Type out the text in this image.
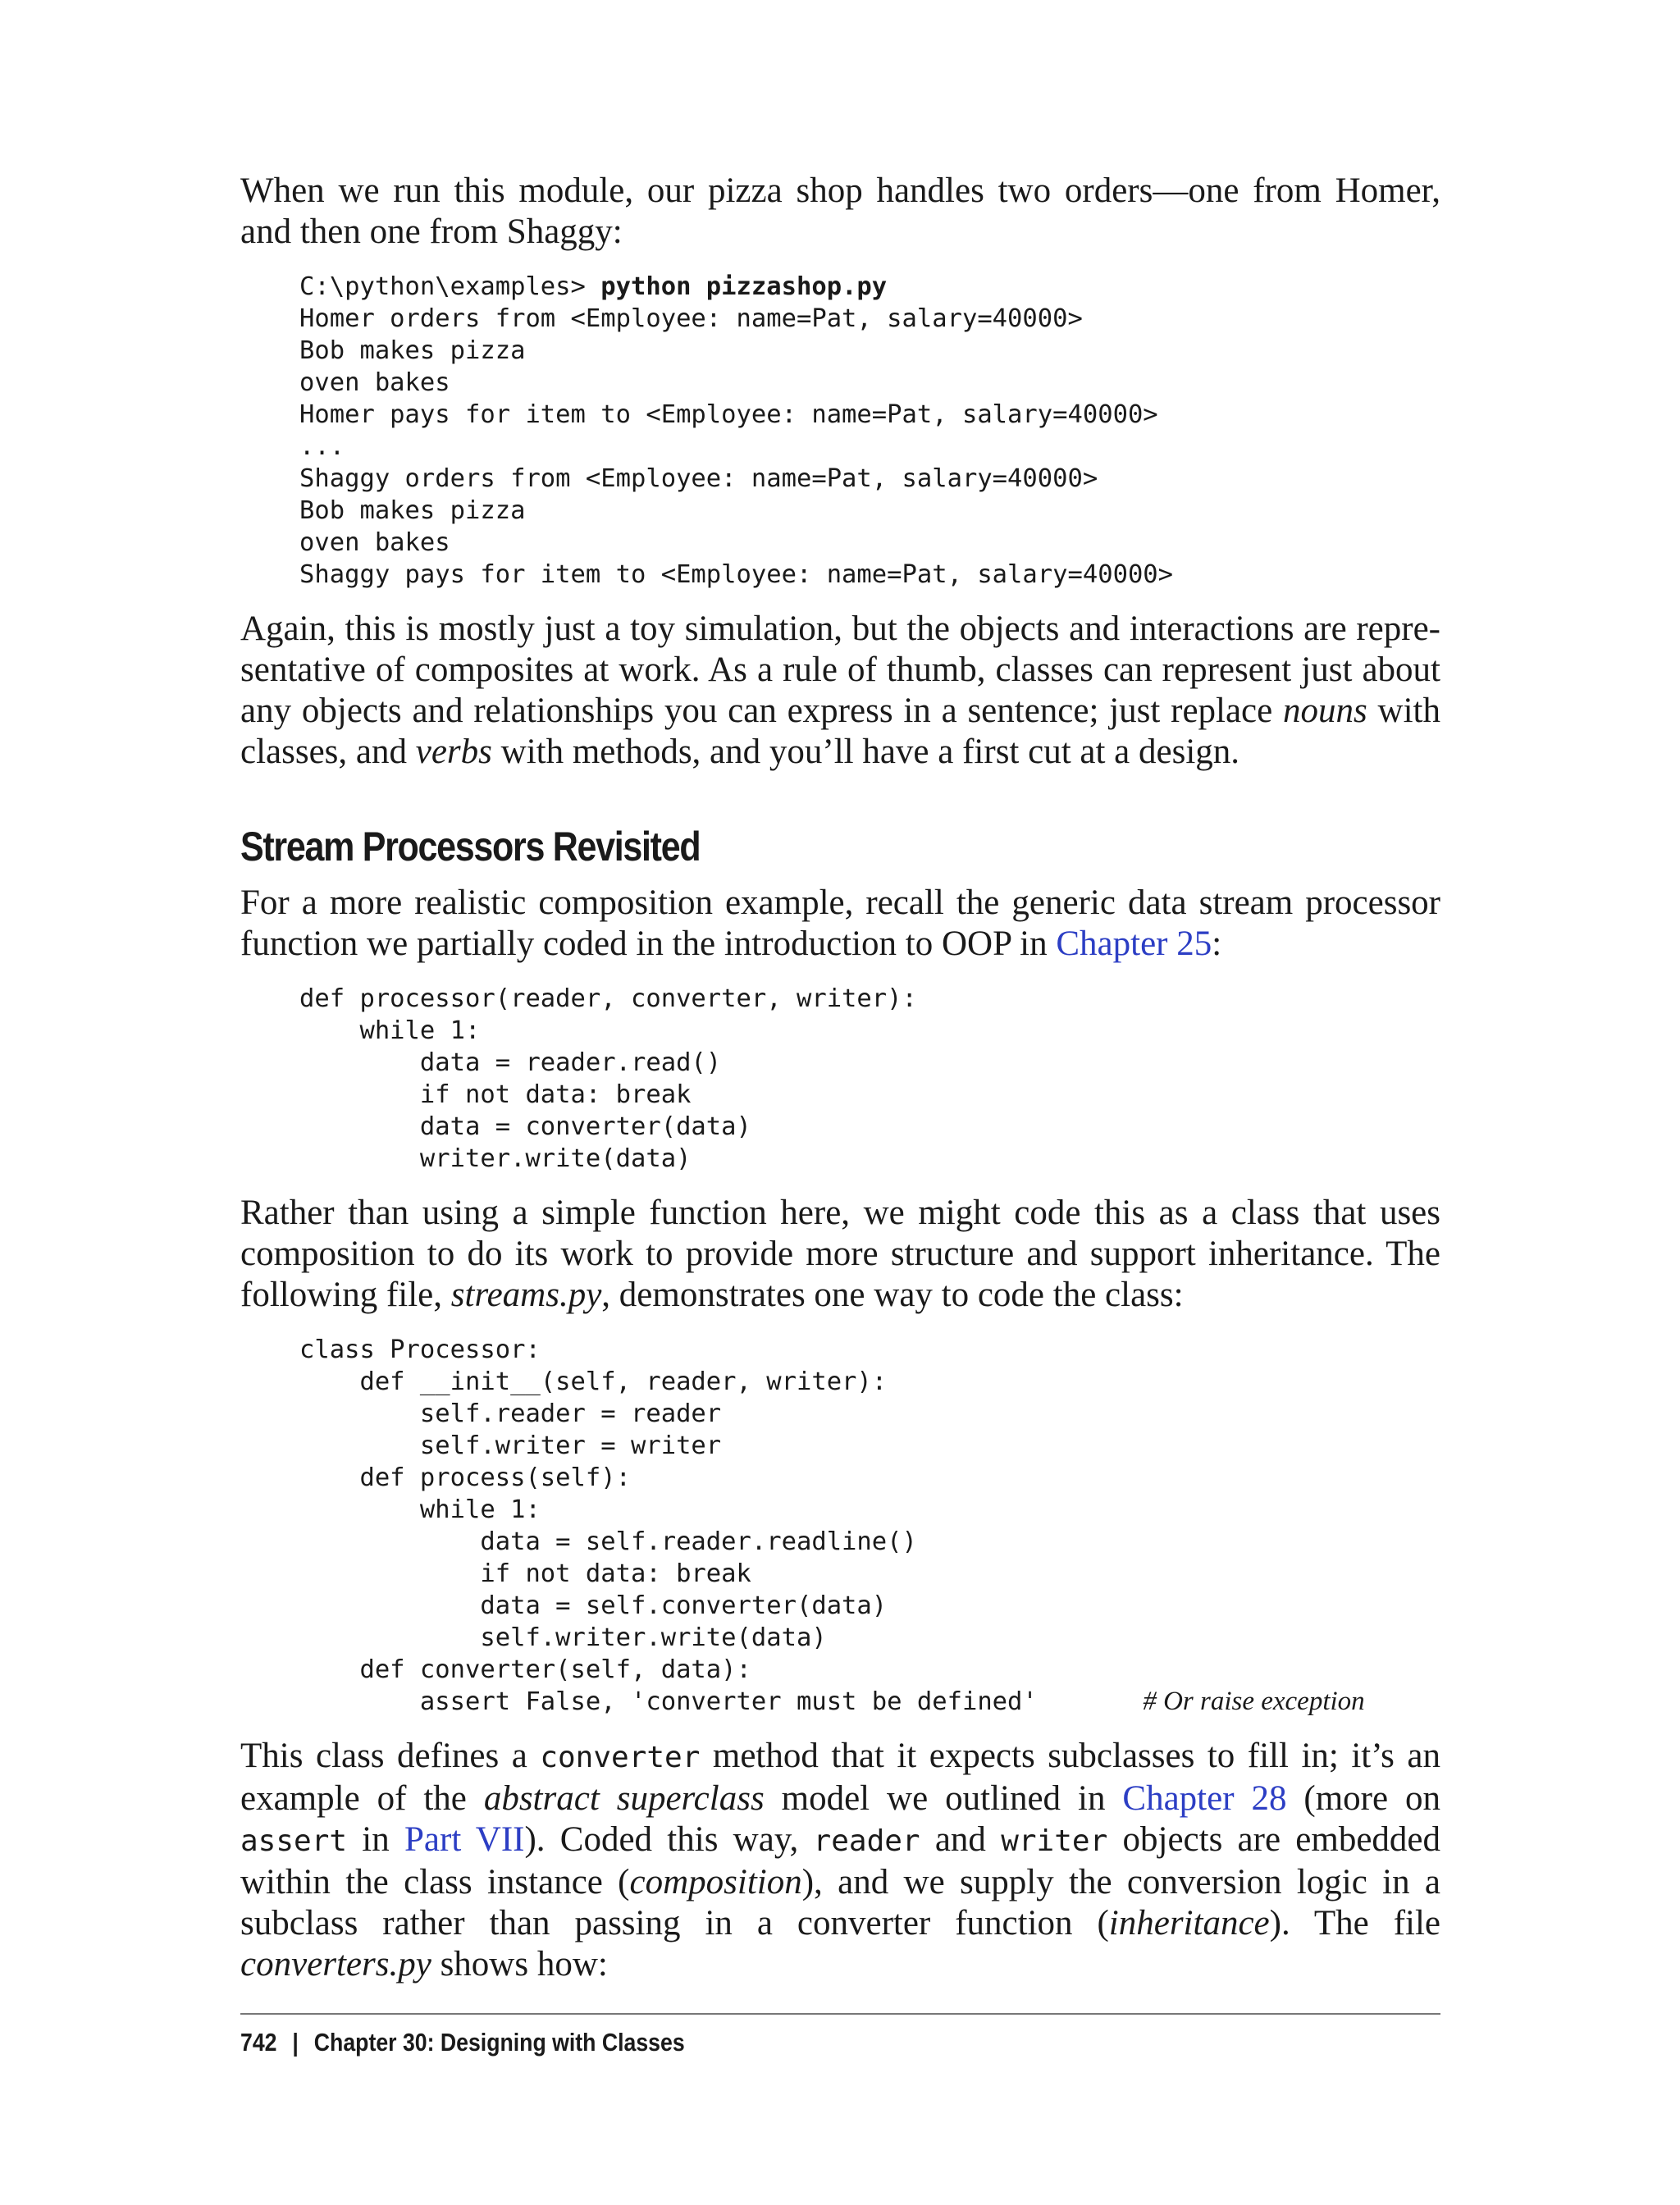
When we run this module, our pizza shop handles two orders—one from Homer, and then one from Shaggy:

C:\python\examples> python pizzashop.py
Homer orders from <Employee: name=Pat, salary=40000>
Bob makes pizza
oven bakes
Homer pays for item to <Employee: name=Pat, salary=40000>
...
Shaggy orders from <Employee: name=Pat, salary=40000>
Bob makes pizza
oven bakes
Shaggy pays for item to <Employee: name=Pat, salary=40000>

Again, this is mostly just a toy simulation, but the objects and interactions are representative of composites at work. As a rule of thumb, classes can represent just about any objects and relationships you can express in a sentence; just replace nouns with classes, and verbs with methods, and you’ll have a first cut at a design.

Stream Processors Revisited

For a more realistic composition example, recall the generic data stream processor function we partially coded in the introduction to OOP in Chapter 25:

def processor(reader, converter, writer):
while 1:
data = reader.read()
if not data: break
data = converter(data)
writer.write(data)

Rather than using a simple function here, we might code this as a class that uses composition to do its work to provide more structure and support inheritance. The following file, streams.py, demonstrates one way to code the class:

class Processor:
def __init__(self, reader, writer):
self.reader = reader
self.writer = writer
def process(self):
while 1:
data = self.reader.readline()
if not data: break
data = self.converter(data)
self.writer.write(data)
def converter(self, data):
assert False, 'converter must be defined'       # Or raise exception

This class defines a converter method that it expects subclasses to fill in; it’s an example of the abstract superclass model we outlined in Chapter 28 (more on assert in Part VII). Coded this way, reader and writer objects are embedded within the class instance (composition), and we supply the conversion logic in a subclass rather than passing in a converter function (inheritance). The file converters.py shows how:

742 | Chapter 30: Designing with Classes
